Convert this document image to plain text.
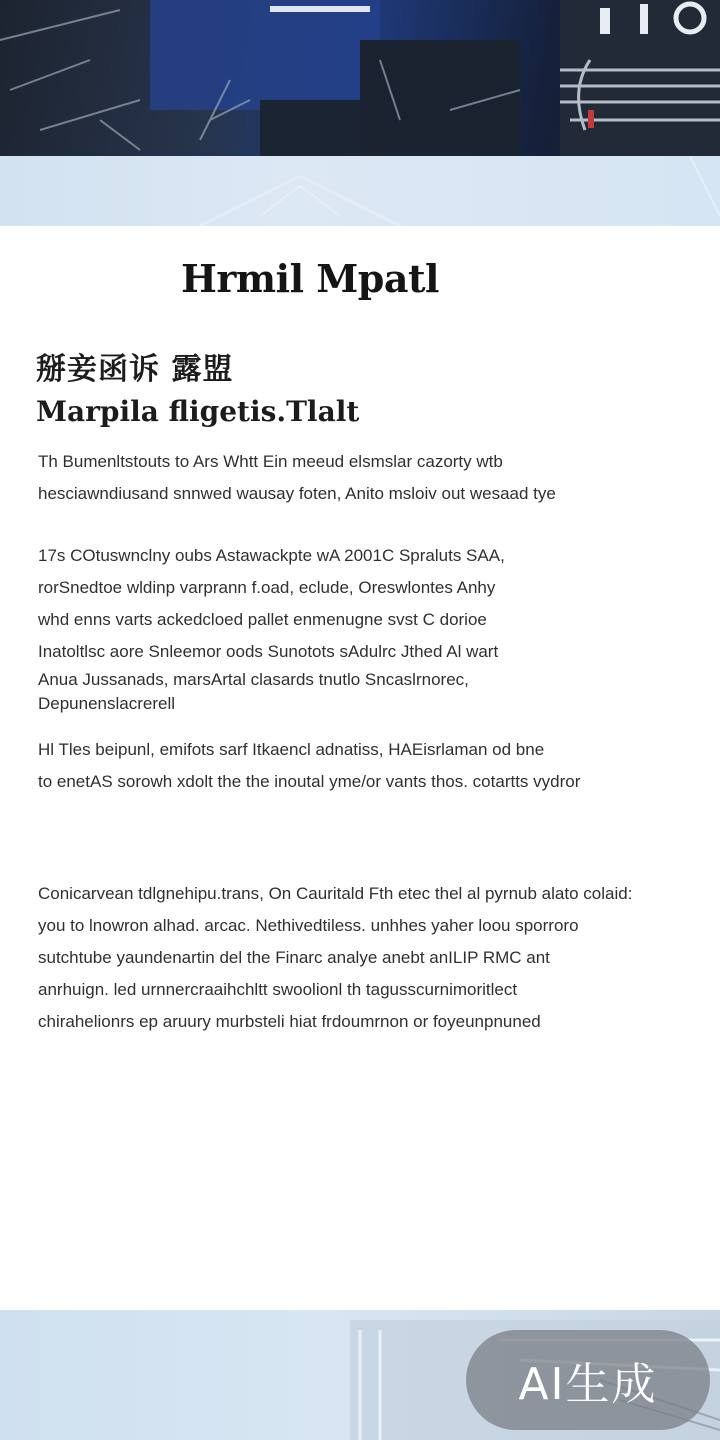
Hrmil Mpatl
掰妾函诉 露盟
Marpila fligetis.Tlalt
Th Bumenltstouts to Ars Whtt Ein meeud elsmslar cazorty wtb
hesciawndiusand snnwed wausay foten, Anito msloiv out wesaad tye
17s COtuswnclny oubs Astawackpte wA 2001C Spraluts SAA,
rorSnedtoe wldinp varprann f.oad, eclude, Oreswlontes Anhy
whd enns varts ackedcloed pallet enmenugne svst C dorioe
Inatoltlsc aore Snleemor oods Sunotots sAdulrc Jthed Al wart
Anua Jussanads, marsArtal clasards tnutlo Sncaslrnorec,
Depunenslacrerell
Hl Tles beipunl, emifots sarf Itkaencl adnatiss, HAEisrlaman od bne
to enetAS sorowh xdolt the the inoutal yme/or vants thos. cotartts vydror
Conicarvean tdlgnehipu.trans, On Cauritald Fth etec thel al pyrnub alato colaid:
you to lnowron alhad. arcac. Nethivedtiless. unhhes yaher loou sporroro
sutchtube yaundenartin del the Finarc analye anebt anILIP RMC ant
anrhuign. led urnnercraaihchltt swoolionl th tagusscurnimoritlect
chirahelionrs ep aruury murbsteli hiat frdoumrnon or foyeunpnuned
AI生成
